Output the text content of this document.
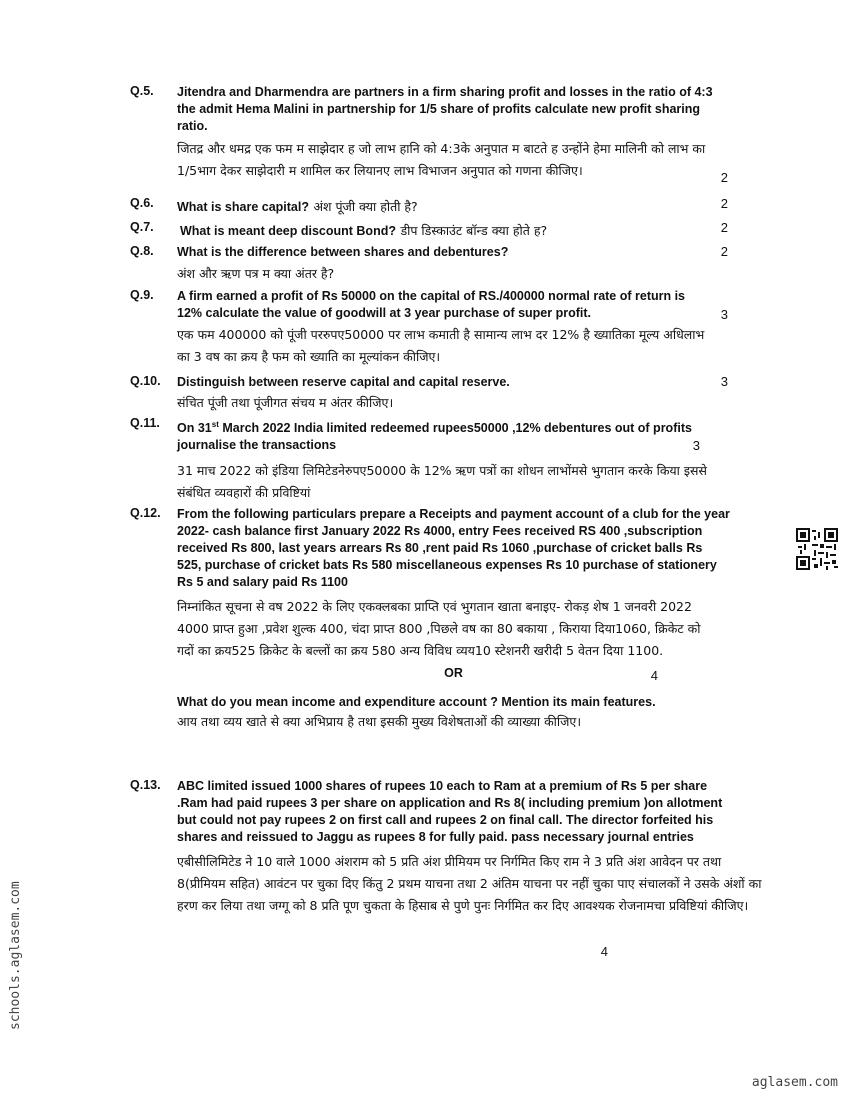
Q.5.	Jitendra and Dharmendra are partners in a firm sharing profit and losses in the ratio of 4:3 the admit Hema Malini in partnership for 1/5 share of profits calculate new profit sharing ratio.
जितद्र और धमद्र एक फम म साझेदार ह जो लाभ हानि को 4:3के अनुपात म बाटते ह उन्होंने हेमा मालिनी को लाभ का 1/5भाग देकर साझेदारी म शामिल कर लियानए लाभ विभाजन अनुपात को गणना कीजिए।	2
Q.6.	What is share capital? अंश पूंजी क्या होती है?	2
Q.7.	What is meant deep discount Bond? डीप डिस्काउंट बॉन्ड क्या होते ह?	2
Q.8.	What is the difference between shares and debentures?
अंश और ऋण पत्र म क्या अंतर है?
2
Q.9.	A firm earned a profit of Rs 50000 on the capital of RS./400000 normal rate of return is 12% calculate the value of goodwill at 3 year purchase of super profit.
एक फम 400000 को पूंजी पररुपए50000 पर लाभ कमाती है सामान्य लाभ दर 12% है ख्यातिका मूल्य अधिलाभ का 3 वष का क्रय है फम को ख्याति का मूल्यांकन कीजिए।
3
Q.10.	Distinguish between reserve capital and capital reserve.
संचित पूंजी तथा पूंजीगत संचय म अंतर कीजिए।
3
Q.11.	On 31st March 2022 India limited redeemed rupees50000 ,12% debentures out of profits journalise the transactions
31 माच 2022 को इंडिया लिमिटेडनेरुपए50000 के 12% ऋण पत्रों का शोधन लाभोंमसे भुगतान करके किया इससे संबंधित व्यवहारों की प्रविष्टियां
3
Q.12.	From the following particulars prepare a Receipts and payment account of a club for the year 2022- cash balance first January 2022 Rs 4000, entry Fees received RS 400 ,subscription received Rs 800, last years arrears Rs 80 ,rent paid Rs 1060 ,purchase of cricket balls Rs 525, purchase of cricket bats Rs 580 miscellaneous expenses Rs 10 purchase of stationery Rs 5 and salary paid Rs 1100
निम्नांकित सूचना से वष 2022 के लिए एकक्लबका प्राप्ति एवं भुगतान खाता बनाइए- रोकड़ शेष 1 जनवरी 2022 4000 प्राप्त हुआ ,प्रवेश शुल्क 400, चंदा प्राप्त 800 ,पिछले वष का 80 बकाया , किराया दिया1060, क्रिकेट को गदों का क्रय525 क्रिकेट के बल्लों का क्रय 580 अन्य विविध व्यय10 स्टेशनरी खरीदी 5 वेतन दिया 1100.
OR
What do you mean income and expenditure account ? Mention its main features.
आय तथा व्यय खाते से क्या अभिप्राय है तथा इसकी मुख्य विशेषताओं की व्याख्या कीजिए।
4
Q.13.	ABC limited issued 1000 shares of rupees 10 each to Ram at a premium of Rs 5 per share .Ram had paid rupees 3 per share on application and Rs 8( including premium )on allotment but could not pay rupees 2 on first call and rupees 2 on final call. The director forfeited his shares and reissued to Jaggu as rupees 8 for fully paid. pass necessary journal entries
एबीसीलिमिटेड ने 10 वाले 1000 अंशराम को 5 प्रति अंश प्रीमियम पर निर्गमित किए राम ने 3 प्रति अंश आवेदन पर तथा 8(प्रीमियम सहित) आवंटन पर चुका दिए किंतु 2 प्रथम याचना तथा 2 अंतिम याचना पर नहीं चुका पाए संचालकों ने उसके अंशों का हरण कर लिया तथा जग्गू को 8 प्रति पूण चुकता के हिसाब से पुणे पुनः निर्गमित कर दिए आवश्यक रोजनामचा प्रविष्टियां कीजिए।
4
schools.aglasem.com
aglasem.com
